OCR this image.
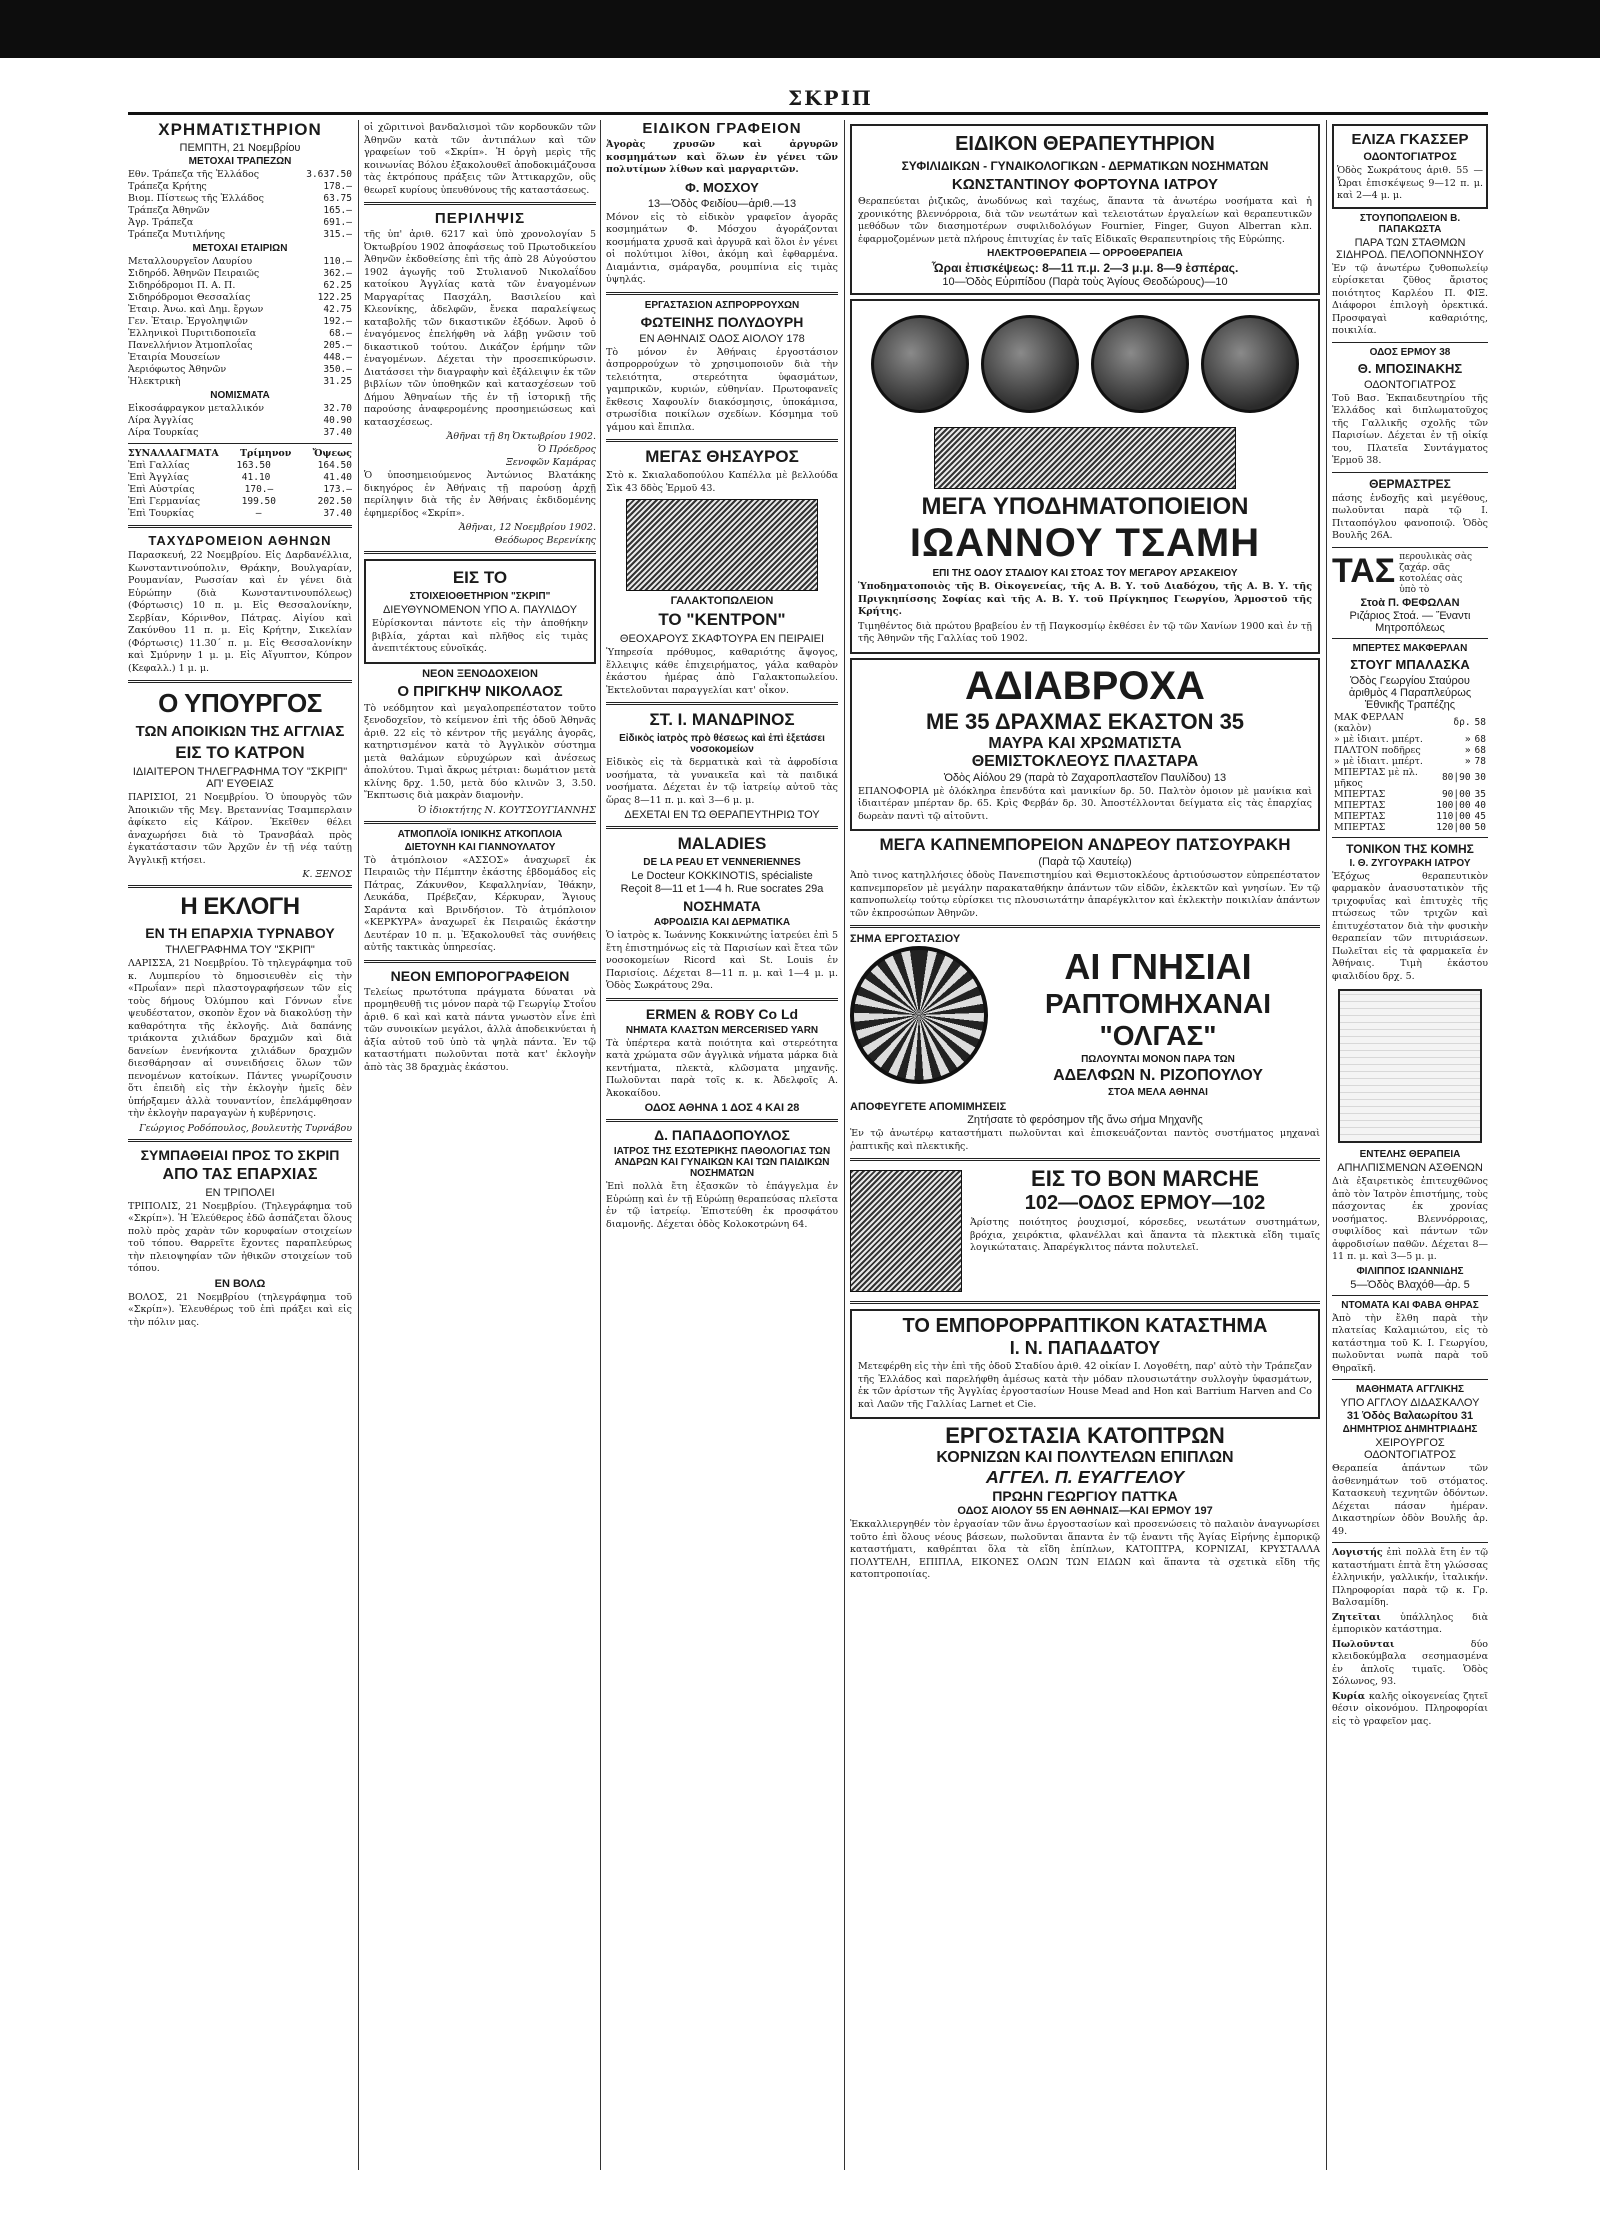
ΣΚΡΙΠ
ΧΡΗΜΑΤΙΣΤΗΡΙΟΝ
ΠΕΜΠΤΗ, 21 Νοεμβρίου
ΜΕΤΟΧΑΙ ΤΡΑΠΕΖΩΝ
Εθν. Τράπεζα τῆς Ἑλλάδος	3.637.50
Τράπεζα Κρήτης	178.—
Βιομ. Πίστεως τῆς Ἑλλάδος	63.75
Τράπεζα Ἀθηνῶν	165.—
Ἀγρ. Τράπεζα	691.—
Τράπεζα Μυτιλήνης	315.—
ΜΕΤΟΧΑΙ ΕΤΑΙΡΙΩΝ
Μεταλλουργεῖον Λαυρίου	110.—
Σιδηρόδ. Ἀθηνῶν Πειραιῶς	362.—
Σιδηρόδρομοι Π. Α. Π.	62.25
Σιδηρόδρομοι Θεσσαλίας	122.25
Ἐταιρ. Ἀνω. καὶ Δημ. ἔργων	42.75
Γεν. Ἐταιρ. Ἐργοληψιῶν	192.—
Ἑλληνικοὶ Πυριτιδοποιεῖα	68.—
Πανελλήνιον Ἀτμοπλοΐας	205.—
Ἐταιρία Μουσείων	448.—
Ἀεριόφωτος Ἀθηνῶν	350.—
Ἠλεκτρικὴ	31.25
ΝΟΜΙΣΜΑΤΑ
Εἰκοσάφραγκον μεταλλικόν	32.70
Λίρα Ἀγγλίας	40.90
Λίρα Τουρκίας	37.40
ΣΥΝΑΛΛΑΓΜΑΤΑ Τρίμηνον Ὄψεως
Ἐπὶ Γαλλίας	163.50	164.50
Ἐπὶ Ἀγγλίας	41.10	41.40
Ἐπὶ Αὐστρίας	170.—	173.—
Ἐπὶ Γερμανίας	199.50	202.50
Ἐπὶ Τουρκίας	—	37.40
ΤΑΧΥΔΡΟΜΕΙΟΝ ΑΘΗΝΩΝ
Παρασκευή, 22 Νοεμβρίου. Εἰς Δαρδανέλλια, Κωνσταντινούπολιν, Θράκην, Βουλγαρίαν, Ρουμανίαν, Ρωσσίαν καὶ ἐν γένει διὰ Εὐρώπην (διὰ Κωνσταντινουπόλεως) (Φόρτωσις) 10 π. μ. Εἰς Θεσσαλονίκην, Σερβίαν, Κόρινθον, Πάτρας. Αἰγίου καὶ Ζακύνθου 11 π. μ. Εἰς Κρήτην, Σικελίαν (Φόρτωσις) 11.30΄ π. μ. Εἰς Θεσσαλονίκην καὶ Σμύρνην 1 μ. μ. Εἰς Αἴγυπτον, Κύπρον (Κεφαλλ.) 1 μ. μ.
Ο ΥΠΟΥΡΓΟΣ
ΤΩΝ ΑΠΟΙΚΙΩΝ ΤΗΣ ΑΓΓΛΙΑΣ
ΕΙΣ ΤΟ ΚΑΤΡΟΝ
ΙΔΙΑΙΤΕΡΟΝ ΤΗΛΕΓΡΑΦΗΜΑ ΤΟΥ "ΣΚΡΙΠ" ΑΠ' ΕΥΘΕΙΑΣ
ΠΑΡΙΣΙΟΙ, 21 Νοεμβρίου. Ὁ ὑπουργὸς τῶν Ἀποικιῶν τῆς Μεγ. Βρεταννίας Τσαμπερλαιν ἀφίκετο εἰς Κάϊρον. Ἐκεῖθεν θέλει ἀναχωρήσει διὰ τὸ Τρανσβάαλ πρὸς ἐγκατάστασιν τῶν Ἀρχῶν ἐν τῇ νέᾳ ταύτῃ Ἀγγλικῇ κτήσει.
Κ. ΞΕΝΟΣ
Η ΕΚΛΟΓΗ
ΕΝ ΤΗ ΕΠΑΡΧΙΑ ΤΥΡΝΑΒΟΥ
ΤΗΛΕΓΡΑΦΗΜΑ ΤΟΥ "ΣΚΡΙΠ"
ΛΑΡΙΣΣΑ, 21 Νοεμβρίου. Τὸ τηλεγράφημα τοῦ κ. Λυμπερίου τὸ δημοσιευθὲν εἰς τὴν «Πρωΐαν» περὶ πλαστογραφήσεων τῶν εἰς τοὺς δήμους Ὀλύμπου καὶ Γόννων εἶνε ψευδέστατον, σκοπὸν ἔχον νὰ διακολύσῃ τὴν καθαρότητα τῆς ἐκλογῆς. Διὰ δαπάνης τριάκοντα χιλιάδων δραχμῶν καὶ διὰ δανείων ἐνενήκοντα χιλιάδων δραχμῶν διεσθάρησαν αἱ συνειδήσεις ὅλων τῶν πενομένων κατοίκων. Πάντες γνωρίζουσιν ὅτι ἐπειδὴ εἰς τὴν ἐκλογὴν ἠμεῖς δὲν ὑπήρξαμεν ἀλλὰ τουναντίον, ἐπελάμφθησαν τὴν ἐκλογὴν παραγαγὼν ἡ κυβέρνησις.
Γεώργιος Ροδόπουλος, βουλευτὴς Τυρνάβου
ΣΥΜΠΑΘΕΙΑΙ ΠΡΟΣ ΤΟ ΣΚΡΙΠ
ΑΠΟ ΤΑΣ ΕΠΑΡΧΙΑΣ
ΕΝ ΤΡΙΠΟΛΕΙ
ΤΡΙΠΟΛΙΣ, 21 Νοεμβρίου. (Τηλεγράφημα τοῦ «Σκρίπ»). Ἡ Ἐλεύθερος ἐδῶ ἀσπάζεται ὅλους πολὺ πρὸς χαρὰν τῶν κορυφαίων στοιχείων τοῦ τόπου. Θαρρεῖτε ἔχοντες παραπλεύρως τὴν πλειοψηφίαν τῶν ἠθικῶν στοιχείων τοῦ τόπου.
ΕΝ ΒΟΛΩ
ΒΟΛΟΣ, 21 Νοεμβρίου (τηλεγράφημα τοῦ «Σκρίπ»). Ἐλευθέρως τοῦ ἐπὶ πράξει καὶ εἰς τὴν πόλιν μας.
οἱ χῶριτινοὶ βανδαλισμοὶ τῶν κορδουκῶν τῶν Ἀθηνῶν κατὰ τῶν ἀντιπάλων καὶ τῶν γραφείων τοῦ «Σκρίπ». Ἡ ὀργὴ μερὶς τῆς κοινωνίας Βόλου ἐξακολουθεῖ ἀποδοκιμάζουσα τὰς ἐκτρόπους πράξεις τῶν Ἀττικαρχῶν, οὓς θεωρεῖ κυρίους ὑπευθύνους τῆς καταστάσεως.
ΠΕΡΙΛΗΨΙΣ
τῆς ὑπ' ἀριθ. 6217 καὶ ὑπὸ χρονολογίαν 5 Ὀκτωβρίου 1902 ἀποφάσεως τοῦ Πρωτοδικείου Ἀθηνῶν ἐκδοθείσης ἐπὶ τῆς ἀπὸ 28 Αὐγούστου 1902 ἀγωγῆς τοῦ Στυλιανοῦ Νικολαΐδου κατοίκου Ἀγγλίας κατὰ τῶν ἐναγομένων Μαργαρίτας Πασχάλη, Βασιλείου καὶ Κλεονίκης, ἀδελφῶν, ἔνεκα παραλείψεως καταβολῆς τῶν δικαστικῶν ἐξόδων. Ἀφοῦ ὁ ἐναγόμενος ἐπελήφθη νὰ λάβῃ γνῶσιν τοῦ δικαστικοῦ τούτου. Δικάζον ἐρήμην τῶν ἐναγομένων. Δέχεται τὴν προσεπικύρωσιν. Διατάσσει τὴν διαγραφὴν καὶ ἐξάλειψιν ἐκ τῶν βιβλίων τῶν ὑποθηκῶν καὶ κατασχέσεων τοῦ Δήμου Ἀθηναίων τῆς ἐν τῇ ἱστορικῇ τῆς παρούσης ἀναφερομένης προσημειώσεως καὶ κατασχέσεως.
Ἀθῆναι τῇ 8η Ὀκτωβρίου 1902.
Ὁ Πρόεδρος
Ξενοφῶν Καμάρας
Ὁ ὑποσημειούμενος Ἀντώνιος Βλατάκης δικηγόρος ἐν Ἀθήναις τῇ παρούσῃ ἀρχῇ περίληψιν διὰ τῆς ἐν Ἀθήναις ἐκδιδομένης ἐφημερίδος «Σκρίπ».
Ἀθῆναι, 12 Νοεμβρίου 1902.
Θεόδωρος Βερενίκης
ΕΙΣ ΤΟ
ΣΤΟΙΧΕΙΟΘΕΤΗΡΙΟΝ "ΣΚΡΙΠ"
ΔΙΕΥΘΥΝΟΜΕΝΟΝ ΥΠΟ Α. ΠΑΥΛΙΔΟΥ
Εὑρίσκονται πάντοτε εἰς τὴν ἀποθήκην βιβλία, χάρται καὶ πλῆθος εἰς τιμὰς ἀνεπιτέκτους εὐνοϊκάς.
ΝΕΟΝ ΞΕΝΟΔΟΧΕΙΟΝ
Ο ΠΡΙΓΚΗΨ ΝΙΚΟΛΑΟΣ
Τὸ νεόδμητον καὶ μεγαλοπρεπέστατον τοῦτο ξενοδοχεῖον, τὸ κείμενον ἐπὶ τῆς ὁδοῦ Ἀθηνᾶς ἀριθ. 22 εἰς τὸ κέντρον τῆς μεγάλης ἀγορᾶς, κατηρτισμένον κατὰ τὸ Ἀγγλικὸν σύστημα μετὰ θαλάμων εὐρυχώρων καὶ ἀνέσεως ἀπολύτου. Τιμαὶ ἄκρως μέτριαι: δωμάτιον μετὰ κλίνης δρχ. 1.50, μετὰ δύο κλινῶν 3, 3.50. Ἔκπτωσις διὰ μακρὰν διαμονὴν.
Ὁ ἰδιοκτήτης Ν. ΚΟΥΤΣΟΥΓΙΑΝΝΗΣ
ΑΤΜΟΠΛΟΪΑ ΙΟΝΙΚΗΣ ΑΤΚΟΠΛΟΙΑ
ΔΙΕΤΟΥΝΗ ΚΑΙ ΓΙΑΝΝΟΥΛΑΤΟΥ
Τὸ ἀτμόπλοιον «ΑΣΣΟΣ» ἀναχωρεῖ ἐκ Πειραιῶς τὴν Πέμπτην ἐκάστης ἑβδομάδος εἰς Πάτρας, Ζάκυνθον, Κεφαλληνίαν, Ἰθάκην, Λευκάδα, Πρέβεζαν, Κέρκυραν, Ἅγιους Σαράντα καὶ Βρινδήσιον. Τὸ ἀτμόπλοιον «ΚΕΡΚΥΡΑ» ἀναχωρεῖ ἐκ Πειραιῶς ἑκάστην Δευτέραν 10 π. μ. Ἐξακολουθεῖ τὰς συνήθεις αὐτῆς τακτικὰς ὑπηρεσίας.
ΝΕΟΝ ΕΜΠΟΡΟΓΡΑΦΕΙΟΝ
Τελείως πρωτότυπα πράγματα δύναται νὰ προμηθευθῇ τις μόνον παρὰ τῷ Γεωργίῳ Στοΐου ἀριθ. 6 καὶ καὶ κατὰ πάντα γνωστὸν εἶνε ἐπὶ τῶν συνοικίων μεγάλοι, ἀλλὰ ἀποδεικνύεται ἡ ἀξία αὐτοῦ τοῦ ὑπὸ τὰ ψηλὰ πάντα. Ἐν τῷ καταστήματι πωλοῦνται ποτὰ κατ' ἐκλογὴν ἀπὸ τὰς 38 δραχμὰς ἑκάστου.
ΕΙΔΙΚΟΝ ΓΡΑΦΕΙΟΝ
Ἀγορὰς χρυσῶν καὶ ἀργυρῶν κοσμημάτων καὶ ὅλων ἐν γένει τῶν πολυτίμων λίθων καὶ μαργαριτῶν.
Φ. ΜΟΣΧΟΥ
13—Ὁδὸς Φειδίου—ἀριθ.—13
Μόνον εἰς τὸ εἰδικὸν γραφεῖον ἀγορᾶς κοσμημάτων Φ. Μόσχου ἀγοράζονται κοσμήματα χρυσᾶ καὶ ἀργυρᾶ καὶ ὅλοι ἐν γένει οἱ πολύτιμοι λίθοι, ἀκόμη καὶ ἐφθαρμένα. Διαμάντια, σμάραγδα, ρουμπίνια εἰς τιμὰς ὑψηλάς.
ΕΡΓΑΣΤΑΣΙΟΝ ΑΣΠΡΟΡΡΟΥΧΩΝ
ΦΩΤΕΙΝΗΣ ΠΟΛΥΔΟΥΡΗ
ΕΝ ΑΘΗΝΑΙΣ ΟΔΟΣ ΑΙΟΛΟΥ 178
Τὸ μόνον ἐν Ἀθήναις ἐργοστάσιον ἀσπρορρούχων τὸ χρησιμοποιοῦν διὰ τὴν τελειότητα, στερεότητα ὑφασμάτων, γαμπρικῶν, κυριών, εὐθηνίαν. Πρωτοφανεῖς ἔκθεσις Χαφουλίν διακόσμησις, ὑποκάμισα, στρωσίδια ποικίλων σχεδίων. Κόσμημα τοῦ γάμου καὶ ἔπιπλα.
ΜΕΓΑΣ ΘΗΣΑΥΡΟΣ
Στὸ κ. Σκιαλαδοπούλου Καπέλλα μὲ βελλούδα Σὶκ 43 δδὸς Ἑρμοῦ 43.
ΓΑΛΑΚΤΟΠΩΛΕΙΟΝ
ΤΟ "ΚΕΝΤΡΟΝ"
ΘΕΟΧΑΡΟΥΣ ΣΚΑΦΤΟΥΡΑ ΕΝ ΠΕΙΡΑΙΕΙ
Ὑπηρεσία πρόθυμος, καθαριότης ἄψογος, ἕλλειψις κάθε ἐπιχειρήματος, γάλα καθαρὸν ἑκάστου ἡμέρας ἀπὸ Γαλακτοπωλείου. Ἐκτελοῦνται παραγγελίαι κατ' οἶκον.
ΣΤ. Ι. ΜΑΝΔΡΙΝΟΣ
Εἰδικὸς ἰατρὸς πρὸ θέσεως καὶ ἐπὶ ἐξετάσει νοσοκομείων
Εἰδικὸς εἰς τὰ δερματικὰ καὶ τὰ ἀφροδίσια νοσήματα, τὰ γυναικεῖα καὶ τὰ παιδικά νοσήματα. Δέχεται ἐν τῷ ἰατρείῳ αὐτοῦ τὰς ὥρας 8—11 π. μ. καὶ 3—6 μ. μ.
ΔΕΧΕΤΑΙ ΕΝ ΤΩ ΘΕΡΑΠΕΥΤΗΡΙΩ ΤΟΥ
MALADIES
DE LA PEAU ET VENNERIENNES
Le Docteur KOKKINOTIS, spécialiste
Reçoit 8—11 et 1—4 h. Rue socrates 29a
ΝΟΣΗΜΑΤΑ
ΑΦΡΟΔΙΣΙΑ ΚΑΙ ΔΕΡΜΑΤΙΚΑ
Ὁ ἰατρὸς κ. Ἰωάννης Κοκκινώτης ἰατρεύει ἐπὶ 5 ἔτη ἐπιστημόνως εἰς τὰ Παρισίων καὶ ἔτεα τῶν νοσοκομείων Ricord καὶ St. Louis ἐν Παρισίοις. Δέχεται 8—11 π. μ. καὶ 1—4 μ. μ. Ὁδὸς Σωκράτους 29α.
ERMEN & ROBY Co Ld
ΝΗΜΑΤΑ ΚΛΑΣΤΩΝ MERCERISED YARN
Τὰ ὑπέρτερα κατὰ ποιότητα καὶ στερεότητα κατὰ χρώματα σῶν ἀγγλικὰ νήματα μάρκα διὰ κεντήματα, πλεκτὰ, κλῶσματα μηχανῆς. Πωλοῦνται παρὰ τοῖς κ. κ. Ἀδελφοῖς Α. Ἀκοκαίδου.
ΟΔΟΣ ΑΘΗΝΑ 1 ΔΟΣ 4 ΚΑΙ 28
Δ. ΠΑΠΑΔΟΠΟΥΛΟΣ
ΙΑΤΡΟΣ ΤΗΣ ΕΣΩΤΕΡΙΚΗΣ ΠΑΘΟΛΟΓΙΑΣ ΤΩΝ ΑΝΔΡΩΝ ΚΑΙ ΓΥΝΑΙΚΩΝ ΚΑΙ ΤΩΝ ΠΑΙΔΙΚΩΝ ΝΟΣΗΜΑΤΩΝ
Ἐπὶ πολλὰ ἔτη ἐξασκῶν τὸ ἐπάγγελμα ἐν Εὐρώπῃ καὶ ἐν τῇ Εὐρώπῃ θεραπεύσας πλεῖστα ἐν τῷ ἰατρείῳ. Ἐπιστεύθη ἐκ προσφάτου διαμονῆς. Δέχεται ὁδὸς Κολοκοτρώνη 64.
ΕΙΔΙΚΟΝ ΘΕΡΑΠΕΥΤΗΡΙΟΝ
ΣΥΦΙΛΙΔΙΚΩΝ - ΓΥΝΑΙΚΟΛΟΓΙΚΩΝ - ΔΕΡΜΑΤΙΚΩΝ ΝΟΣΗΜΑΤΩΝ
ΚΩΝΣΤΑΝΤΙΝΟΥ ΦΟΡΤΟΥΝΑ ΙΑΤΡΟΥ
Θεραπεύεται ῥιζικῶς, ἀνωδύνως καὶ ταχέως, ἅπαντα τὰ ἀνωτέρω νοσήματα καὶ ἡ χρονικότης βλεννόρροια, διὰ τῶν νεωτάτων καὶ τελειοτάτων ἐργαλείων καὶ θεραπευτικῶν μεθόδων τῶν διασημοτέρων συφιλιδολόγων Fournier, Finger, Guyon Alberran κλπ. ἐφαρμοζομένων μετὰ πλήρους ἐπιτυχίας ἐν ταῖς Εἰδικαῖς Θεραπευτηρίοις τῆς Εὐρώπης.
ΗΛΕΚΤΡΟΘΕΡΑΠΕΙΑ — ΟΡΡΟΘΕΡΑΠΕΙΑ
Ὧραι ἐπισκέψεως: 8—11 π.μ. 2—3 μ.μ. 8—9 ἑσπέρας.
10—Ὁδὸς Εὐριπίδου (Παρὰ τοὺς Ἁγίους Θεοδώρους)—10
ΜΕΓΑ ΥΠΟΔΗΜΑΤΟΠΟΙΕΙΟΝ
ΙΩΑΝΝΟΥ ΤΣΑΜΗ
ΕΠΙ ΤΗΣ ΟΔΟΥ ΣΤΑΔΙΟΥ ΚΑΙ ΣΤΟΑΣ ΤΟΥ ΜΕΓΑΡΟΥ ΑΡΣΑΚΕΙΟΥ
Ὑποδηματοποιὸς τῆς Β. Οἰκογενείας, τῆς Α. Β. Υ. τοῦ Διαδόχου, τῆς Α. Β. Υ. τῆς Πριγκηπίσσης Σοφίας καὶ τῆς Α. Β. Υ. τοῦ Πρίγκηπος Γεωργίου, Ἁρμοστοῦ τῆς Κρήτης.
Τιμηθέντος διὰ πρώτου βραβείου ἐν τῇ Παγκοσμίῳ ἐκθέσει ἐν τῷ τῶν Χανίων 1900 καὶ ἐν τῇ τῆς Ἀθηνῶν τῆς Γαλλίας τοῦ 1902.
ΑΔΙΑΒΡΟΧΑ
ΜΕ 35 ΔΡΑΧΜΑΣ ΕΚΑΣΤΟΝ 35
ΜΑΥΡΑ ΚΑΙ ΧΡΩΜΑΤΙΣΤΑ
ΘΕΜΙΣΤΟΚΛΕΟΥΣ ΠΛΑΣΤΑΡΑ
Ὁδὸς Αἰόλου 29 (παρὰ τὸ Ζαχαροπλαστεῖον Παυλίδου) 13
ΕΠΑΝΟΦΟΡΙΑ μὲ ὁλόκληρα ἐπενδύτα καὶ μανικίων δρ. 50. Παλτὸν ὁμοιον μὲ μανίκια καὶ ἰδιαιτέραν μπέρταν δρ. 65. Κρὶς Φερβάν δρ. 30. Ἀποστέλλονται δείγματα εἰς τὰς ἐπαρχίας δωρεὰν παντὶ τῷ αἰτοῦντι.
ΜΕΓΑ ΚΑΠΝΕΜΠΟΡΕΙΟΝ ΑΝΔΡΕΟΥ ΠΑΤΣΟΥΡΑΚΗ
(Παρὰ τῷ Χαυτείῳ)
Ἀπὸ τινος κατηλλήσιες ὁδοὺς Πανεπιστημίου καὶ Θεμιστοκλέους ἀρτιούσωστον εὐπρεπέστατον καπνεμπορεῖον μὲ μεγάλην παρακαταθήκην ἀπάντων τῶν εἰδῶν, ἐκλεκτῶν καὶ γνησίων. Ἐν τῷ καπνοπωλείῳ τούτῳ εὑρίσκει τις πλουσιωτάτην ἀπαρέγκλιτον καὶ ἐκλεκτὴν ποικιλίαν ἀπάντων τῶν ἐκπροσώπων Ἀθηνῶν.
ΣΗΜΑ ΕΡΓΟΣΤΑΣΙΟΥ
ΑΙ ΓΝΗΣΙΑΙ
ΡΑΠΤΟΜΗΧΑΝΑΙ "ΟΛΓΑΣ"
ΠΩΛΟΥΝΤΑΙ ΜΟΝΟΝ ΠΑΡΑ ΤΩΝ
ΑΔΕΛΦΩΝ Ν. ΡΙΖΟΠΟΥΛΟΥ
ΣΤΟΑ ΜΕΛΑ ΑΘΗΝΑΙ
ΑΠΟΦΕΥΓΕΤΕ ΑΠΟΜΙΜΗΣΕΙΣ
Ζητήσατε τὸ φερόσημον τῆς ἄνω σήμα Μηχανῆς
Ἐν τῷ ἀνωτέρῳ καταστήματι πωλοῦνται καὶ ἐπισκευάζονται παντὸς συστήματος μηχαναὶ ῥαπτικῆς καὶ πλεκτικῆς.
ΕΙΣ ΤΟ BON MARCHE
102—ΟΔΟΣ ΕΡΜΟΥ—102
Ἀρίστης ποιότητος ῥουχισμοί, κόρσεδες, νεωτάτων συστημάτων, βρόχια, χειρόκτια, φλανέλλαι καὶ ἅπαντα τὰ πλεκτικὰ εἴδη τιμαῖς λογικώταταις. Ἀπαρέγκλιτος πάντα πολυτελεῖ.
ΤΟ ΕΜΠΟΡΟΡΡΑΠΤΙΚΟΝ ΚΑΤΑΣΤΗΜΑ
Ι. Ν. ΠΑΠΑΔΑΤΟΥ
Μετεφέρθη εἰς τὴν ἐπὶ τῆς ὁδοῦ Σταδίου ἀριθ. 42 οἰκίαν Ι. Λογοθέτη, παρ' αὐτὸ τὴν Τράπεζαν τῆς Ἑλλάδος καὶ παρελήφθη ἀμέσως κατὰ τὴν μόδαν πλουσιωτάτην συλλογὴν ὑφασμάτων, ἐκ τῶν ἀρίστων τῆς Ἀγγλίας ἐργοστασίων House Mead and Hon καὶ Barrium Harven and Co καὶ Λαῶν τῆς Γαλλίας Larnet et Cie.
ΕΡΓΟΣΤΑΣΙΑ ΚΑΤΟΠΤΡΩΝ
ΚΟΡΝΙΖΩΝ ΚΑΙ ΠΟΛΥΤΕΛΩΝ ΕΠΙΠΛΩΝ
ΑΓΓΕΛ. Π. ΕΥΑΓΓΕΛΟΥ
ΠΡΩΗΝ ΓΕΩΡΓΙΟΥ ΠΑΤΤΚΑ
ΟΔΟΣ ΑΙΟΛΟΥ 55 ΕΝ ΑΘΗΝΑΙΣ—ΚΑΙ ΕΡΜΟΥ 197
Ἐκκαλλιεργηθέν τὸν ἐργασίαν τῶν ἄνω ἐργοστασίων καὶ προσενώσεις τὸ παλαιὸν ἀναγνωρίσει τοῦτο ἐπὶ ὅλους νέους βάσεων, πωλοῦνται ἅπαντα ἐν τῷ ἐναντι τῆς Ἁγίας Εἰρήνης ἐμπορικῷ καταστήματι, καθρέπται ὅλα τὰ εἴδη ἐπίπλων, ΚΑΤΟΠΤΡΑ, ΚΟΡΝΙΖΑΙ, ΚΡΥΣΤΑΛΛΑ ΠΟΛΥΤΕΛΗ, ΕΠΙΠΛΑ, ΕΙΚΟΝΕΣ ΟΛΩΝ ΤΩΝ ΕΙΔΩΝ καὶ ἅπαντα τὰ σχετικὰ εἴδη τῆς κατοπτροποιίας.
ΕΛΙΖΑ ΓΚΑΣΣΕΡ
ΟΔΟΝΤΟΓΙΑΤΡΟΣ
Ὁδὸς Σωκράτους ἀριθ. 55 — Ὧραι ἐπισκέψεως 9—12 π. μ. καὶ 2—4 μ. μ.
ΣΤΟΥΠΟΠΩΛΕΙΟΝ Β. ΠΑΠΑΚΩΣΤΑ
ΠΑΡΑ ΤΩΝ ΣΤΑΘΜΩΝ ΣΙΔΗΡΟΔ. ΠΕΛΟΠΟΝΝΗΣΟΥ
Ἐν τῷ ἀνωτέρω ζυθοπωλείῳ εὑρίσκεται ζῦθος ἄριστος ποιότητος Καρλέου Π. ΦΙΞ. Διάφοροι ἐπιλογὴ ὀρεκτικά. Προσφαγαὶ καθαριότης, ποικιλία.
ΟΔΟΣ ΕΡΜΟΥ 38
Θ. ΜΠΟΣΙΝΑΚΗΣ
ΟΔΟΝΤΟΓΙΑΤΡΟΣ
Τοῦ Βασ. Ἐκπαιδευτηρίου τῆς Ἑλλάδος καὶ διπλωματοῦχος τῆς Γαλλικῆς σχολῆς τῶν Παρισίων. Δέχεται ἐν τῇ οἰκίᾳ του, Πλατεῖα Συντάγματος Ἑρμοῦ 38.
ΘΕΡΜΑΣΤΡΕΣ
πάσης ἐνδοχῆς καὶ μεγέθους, πωλοῦνται παρὰ τῷ Ι. Πιταοπόγλου φανοποιῷ. Ὁδὸς Βουλῆς 26Α.
ΤΑΣ περουλικὰς σὰς
ζαχάρ. σᾶς
κοτολέας σὰς
ὑπὸ τὸ
Στοὰ Π. ΦΕΦΩΛΑΝ
Ριζάριος Στοά. — Ἔναντι Μητροπόλεως
ΜΠΕΡΤΕΣ ΜΑΚΦΕΡΛΑΝ
ΣΤΟΥΓ ΜΠΑΛΑΣΚΑ
Ὁδὸς Γεωργίου Σταύρου ἀριθμὸς 4 Παραπλεύρως Ἐθνικῆς Τραπέζης
ΜΑΚ ΦΕΡΛΑΝ (καλὸν)	δρ.	58
» μὲ ἰδιαιτ. μπέρτ.	»	68
ΠΑΛΤΟΝ ποδῆρες	»	68
» μὲ ἰδιαιτ. μπέρτ.	»	78
ΜΠΕΡΤΑΣ μὲ πλ. μῆκος	80|90	30
ΜΠΕΡΤΑΣ	90|00	35
ΜΠΕΡΤΑΣ	100|00	40
ΜΠΕΡΤΑΣ	110|00	45
ΜΠΕΡΤΑΣ	120|00	50
ΤΟΝΙΚΟΝ ΤΗΣ ΚΟΜΗΣ
Ι. Θ. ΖΥΓΟΥΡΑΚΗ ΙΑΤΡΟΥ
Ἐξόχως θεραπευτικὸν φαρμακὸν ἀνασυστατικὸν τῆς τριχοφυΐας καὶ ἐπιτυχὲς τῆς πτώσεως τῶν τριχῶν καὶ ἐπιτυχέστατον διὰ τὴν φυσικὴν θεραπείαν τῶν πιτυριάσεων. Πωλεῖται εἰς τὰ φαρμακεῖα ἐν Ἀθήναις. Τιμὴ ἑκάστου φιαλιδίου δρχ. 5.
ΕΝΤΕΛΗΣ ΘΕΡΑΠΕΙΑ
ΑΠΗΛΠΙΣΜΕΝΩΝ ΑΣΘΕΝΩΝ
Διὰ ἐξαιρετικὸς ἐπιτευχθῶνος ἀπὸ τὸν Ἰατρὸν ἐπιστήμης, τοὺς πάσχοντας ἐκ χρονίας νοσήματος. Βλεννόρροιας, συφιλίδος καὶ πάντων τῶν ἀφροδισίων παθῶν. Δέχεται 8—11 π. μ. καὶ 3—5 μ. μ.
ΦΙΛΙΠΠΟΣ ΙΩΑΝΝΙΔΗΣ
5—Ὁδὸς Βλαχόθ—ἀρ. 5
ΝΤΟΜΑΤΑ ΚΑΙ ΦΑΒΑ ΘΗΡΑΣ
Ἀπὸ τὴν ἔλθη παρὰ τὴν πλατείας Καλαμιώτου, εἰς τὸ κατάστημα τοῦ Κ. Ι. Γεωργίου, πωλοῦνται νωπὰ παρὰ τοῦ Θηραϊκῆ.
ΜΑΘΗΜΑΤΑ ΑΓΓΛΙΚΗΣ
ΥΠΟ ΑΓΓΛΟΥ ΔΙΔΑΣΚΑΛΟΥ
31 Ὁδὸς Βαλαωρίτου 31
ΔΗΜΗΤΡΙΟΣ ΔΗΜΗΤΡΙΑΔΗΣ
ΧΕΙΡΟΥΡΓΟΣ ΟΔΟΝΤΟΓΙΑΤΡΟΣ
Θεραπεία ἁπάντων τῶν ἀσθενημάτων τοῦ στόματος. Κατασκευὴ τεχνητῶν ὀδόντων. Δέχεται πάσαν ἡμέραν. Δικαστηρίων ὁδὸν Βουλῆς ἀρ. 49.
Λογιστής ἐπὶ πολλὰ ἔτη ἐν τῷ καταστήματι ἑπτὰ ἔτη γλώσσας ἐλληνικήν, γαλλικήν, ἰταλικήν. Πληροφορίαι παρὰ τῷ κ. Γρ. Βαλσαμίδη.
Ζητεῖται ὑπάλληλος διὰ ἐμπορικὸν κατάστημα.
Πωλοῦνται δύο κλειδοκύμβαλα σεσημασμένα ἐν ἀπλοῖς τιμαῖς. Ὁδὸς Σόλωνος, 93.
Κυρία καλῆς οἰκογενείας ζητεῖ θέσιν οἰκονόμου. Πληροφορίαι εἰς τὸ γραφεῖον μας.
